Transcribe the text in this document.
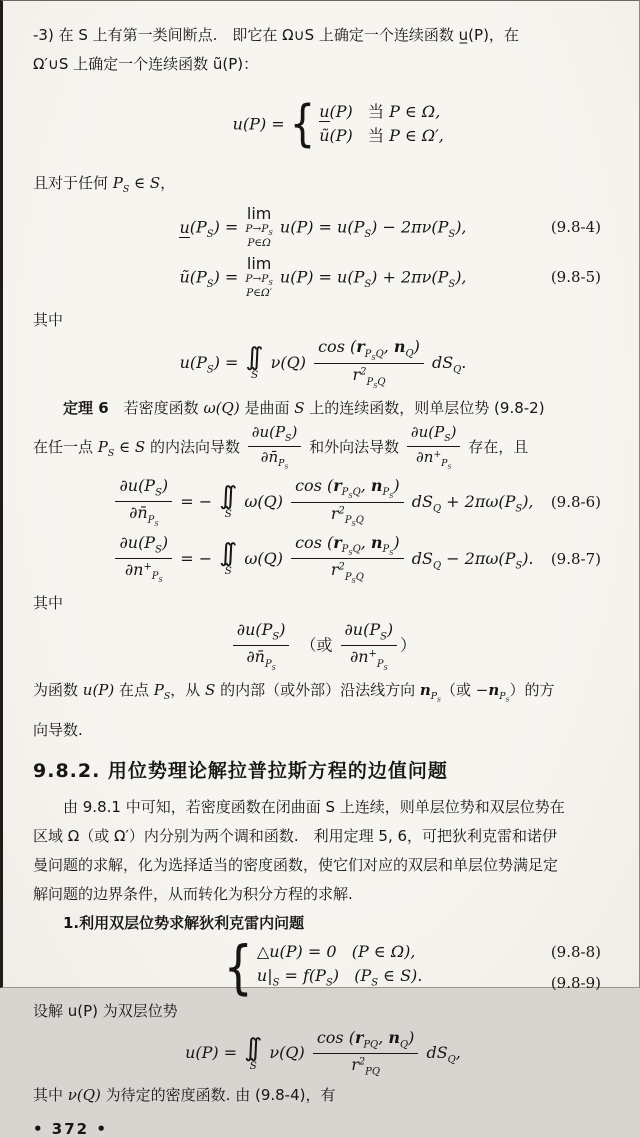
-3) 在 S 上有第一类间断点.　即它在 Ω∪S 上确定一个连续函数 u̲(P)，在
Ω′∪S 上确定一个连续函数 ũ(P)：

u(P) = { u(P)   当 P ∈ Ω,
ũ(P)   当 P ∈ Ω′,

且对于任何 $P_S$ ∈ S，
$u(P_S)$ =
lim
$P\to P_S$
P∈Ω
$u(P) = u(P_S) - 2\pi\nu(P_S)$,	(9.8-4)
$ũ(P_S)$ =
lim
$P\to P_S$
P∈Ω′
$u(P) = u(P_S) + 2\pi\nu(P_S)$,	(9.8-5)
其中
$u(P_S)$ = ∫∫
S
ν(Q)
$\cos (r_{P_SQ}$, $n_Q$)
$r^2_{P_SQ}$
$dS_Q$.
定理 6　若密度函数 ω(Q) 是曲面 S 上的连续函数，则单层位势 (9.8-2)
在任一点 $P_S$ ∈ S 的内法向导数 $\frac{\partial u(P_S)}{\partial n̄_{P_S}}$ 和外向法导数 $\frac{\partial u(P_S)}{\partial n^+_{P_S}}$ 存在，且
$\frac{\partial u(P_S)}{\partial n̄_{P_S}}$ = − ∫∫
S
ω(Q)
$\cos (r_{P_SQ}$, $n_{P_S}$)
$r^2_{P_SQ}$
$dS_Q + 2\pi\omega(P_S)$, (9.8-6)
$\frac{\partial u(P_S)}{\partial n^+_{P_S}}$ = − ∫∫
S
ω(Q)
$\cos (r_{P_SQ}$, $n_{P_S}$)
$r^2_{P_SQ}$
$dS_Q - 2\pi\omega(P_S)$. (9.8-7)
其中
$\frac{\partial u(P_S)}{\partial n̄_{P_S}}$ 　（或 $\frac{\partial u(P_S)}{\partial n^+_{P_S}}$ ）
为函数 u(P) 在点 $P_S$，从 S 的内部（或外部）沿法线方向 $n_{P_S}$（或 $-n_{P_S}$）的方
向导数.
9.8.2. 用位势理论解拉普拉斯方程的边值问题
由 9.8.1 中可知，若密度函数在闭曲面 S 上连续，则单层位势和双层位势在
区域 Ω（或 Ω′）内分别为两个调和函数.　利用定理 5, 6，可把狄利克雷和诺伊
曼问题的求解，化为选择适当的密度函数，使它们对应的双层和单层位势满足定
解问题的边界条件，从而转化为积分方程的求解.
1.利用双层位势求解狄利克雷内问题
{ △u(P) = 0   (P ∈ Ω),
$u|_S = f(P_S)$   ($P_S$ ∈ S).
(9.8-8)
(9.8-9)
设解 u(P) 为双层位势
u(P) = ∫∫
S
ν(Q)
$\cos (r_{PQ}$, $n_Q$)
$r^2_{PQ}$
$dS_Q$,
其中 ν(Q) 为待定的密度函数. 由 (9.8-4)，有
• 372 •
